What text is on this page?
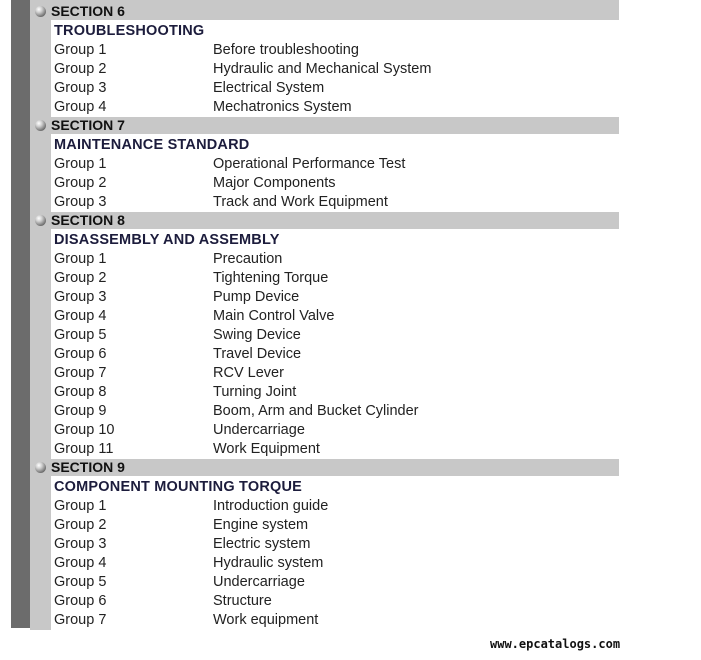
SECTION 6
TROUBLESHOOTING
Group 1	Before troubleshooting
Group 2	Hydraulic and Mechanical System
Group 3	Electrical System
Group 4	Mechatronics System
SECTION 7
MAINTENANCE STANDARD
Group 1	Operational Performance Test
Group 2	Major Components
Group 3	Track and Work Equipment
SECTION 8
DISASSEMBLY AND ASSEMBLY
Group 1	Precaution
Group 2	Tightening Torque
Group 3	Pump Device
Group 4	Main Control Valve
Group 5	Swing Device
Group 6	Travel Device
Group 7	RCV Lever
Group 8	Turning Joint
Group 9	Boom, Arm and Bucket Cylinder
Group 10	Undercarriage
Group 11	Work Equipment
SECTION 9
COMPONENT MOUNTING TORQUE
Group 1	Introduction guide
Group 2	Engine system
Group 3	Electric system
Group 4	Hydraulic system
Group 5	Undercarriage
Group 6	Structure
Group 7	Work equipment
www.epcatalogs.com
